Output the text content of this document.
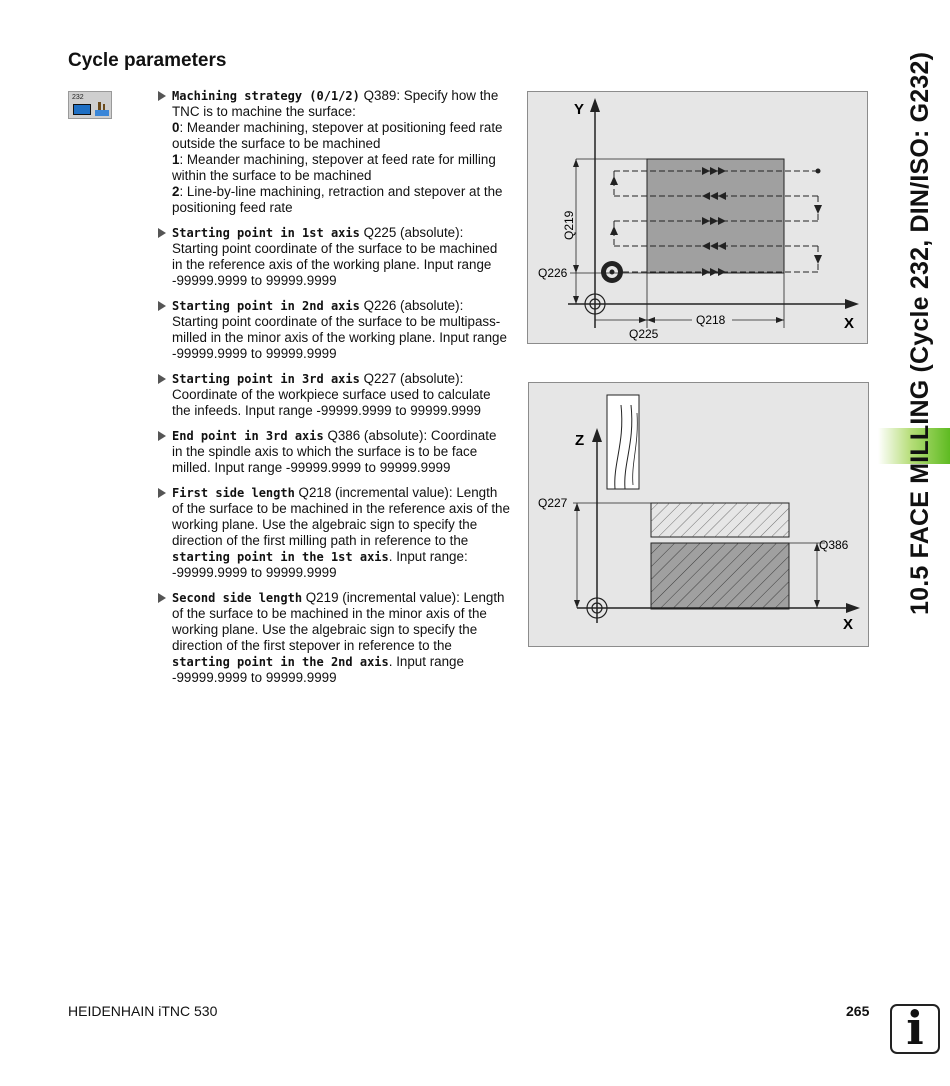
Cycle parameters
232	Machining strategy (0/1/2) Q389: Specify how the TNC is to machine the surface:
0: Meander machining, stepover at positioning feed rate outside the surface to be machined
1: Meander machining, stepover at feed rate for milling within the surface to be machined
2: Line-by-line machining, retraction and stepover at the positioning feed rate
Starting point in 1st axis Q225 (absolute): Starting point coordinate of the surface to be machined in the reference axis of the working plane. Input range -99999.9999 to 99999.9999
Starting point in 2nd axis Q226 (absolute): Starting point coordinate of the surface to be multipass-milled in the minor axis of the working plane. Input range -99999.9999 to 99999.9999
Starting point in 3rd axis Q227 (absolute): Coordinate of the workpiece surface used to calculate the infeeds. Input range -99999.9999 to 99999.9999
End point in 3rd axis Q386 (absolute): Coordinate in the spindle axis to which the surface is to be face milled. Input range -99999.9999 to 99999.9999
First side length Q218 (incremental value): Length of the surface to be machined in the reference axis of the working plane. Use the algebraic sign to specify the direction of the first milling path in reference to the starting point in the 1st axis. Input range: -99999.9999 to 99999.9999
Second side length Q219 (incremental value): Length of the surface to be machined in the minor axis of the working plane. Use the algebraic sign to specify the direction of the first stepover in reference to the starting point in the 2nd axis. Input range -99999.9999 to 99999.9999
Y
X
Q219
Q226
Q218
Q225
Z
X
Q227
Q386 10.5 FACE MILLING (Cycle 232, DIN/ISO: G232)
HEIDENHAIN iTNC 530	265 i
